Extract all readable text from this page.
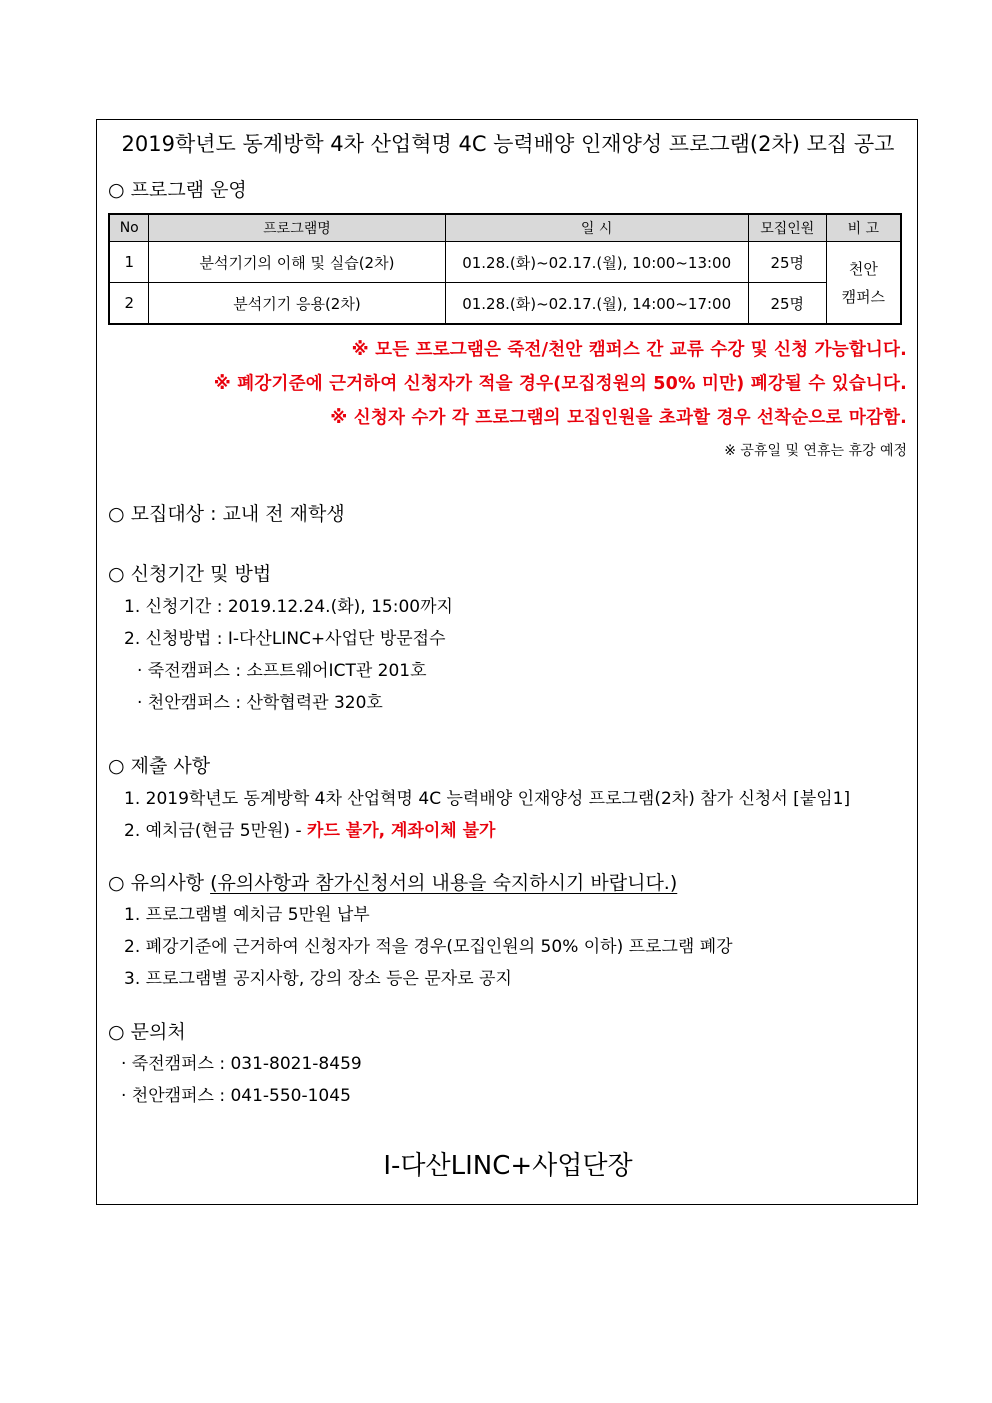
2019학년도 동계방학 4차 산업혁명 4C 능력배양 인재양성 프로그램(2차) 모집 공고
○ 프로그램 운영
No	프로그램명	일 시	모집인원	비 고
1	분석기기의 이해 및 실습(2차)	01.28.(화)~02.17.(월), 10:00~13:00	25명	천안
캠퍼스
2	분석기기 응용(2차)	01.28.(화)~02.17.(월), 14:00~17:00	25명	
※ 모든 프로그램은 죽전/천안 캠퍼스 간 교류 수강 및 신청 가능합니다.
※ 폐강기준에 근거하여 신청자가 적을 경우(모집정원의 50% 미만) 폐강될 수 있습니다.
※ 신청자 수가 각 프로그램의 모집인원을 초과할 경우 선착순으로 마감함.
※ 공휴일 및 연휴는 휴강 예정
○ 모집대상 : 교내 전 재학생
○ 신청기간 및 방법
1. 신청기간 : 2019.12.24.(화), 15:00까지
2. 신청방법 : I-다산LINC+사업단 방문접수
· 죽전캠퍼스 : 소프트웨어ICT관 201호
· 천안캠퍼스 : 산학협력관 320호
○ 제출 사항
1. 2019학년도 동계방학 4차 산업혁명 4C 능력배양 인재양성 프로그램(2차) 참가 신청서 [붙임1]
2. 예치금(현금 5만원) - 카드 불가, 계좌이체 불가
○ 유의사항 (유의사항과 참가신청서의 내용을 숙지하시기 바랍니다.)
1. 프로그램별 예치금 5만원 납부
2. 폐강기준에 근거하여 신청자가 적을 경우(모집인원의 50% 이하) 프로그램 폐강
3. 프로그램별 공지사항, 강의 장소 등은 문자로 공지
○ 문의처
· 죽전캠퍼스 : 031-8021-8459
· 천안캠퍼스 : 041-550-1045
I-다산LINC+사업단장
